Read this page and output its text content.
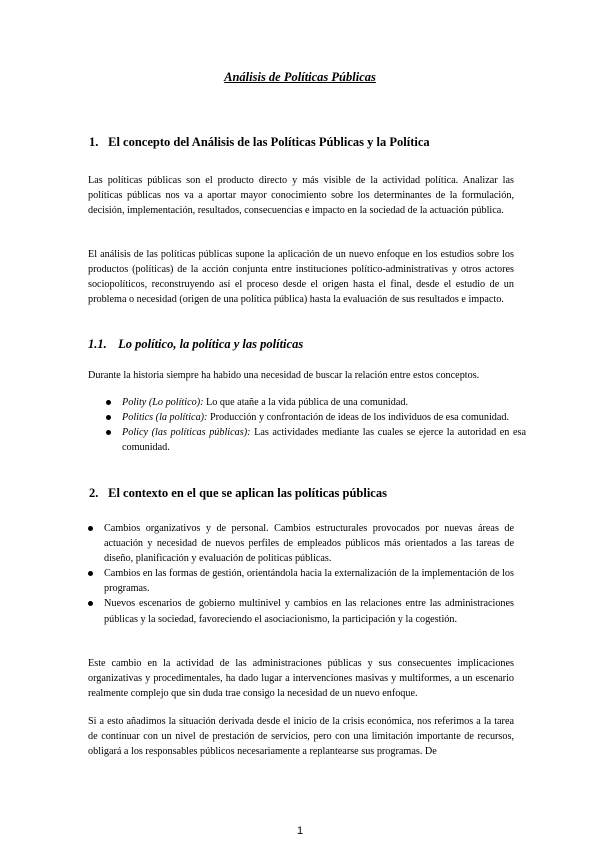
Análisis de Políticas Públicas
1. El concepto del Análisis de las Políticas Públicas y la Política

Las políticas públicas son el producto directo y más visible de la actividad política. Analizar las políticas públicas nos va a aportar mayor conocimiento sobre los determinantes de la formulación, decisión, implementación, resultados, consecuencias e impacto en la sociedad de la actuación pública.

El análisis de las políticas públicas supone la aplicación de un nuevo enfoque en los estudios sobre los productos (políticas) de la acción conjunta entre instituciones político-administrativas y otros actores sociopolíticos, reconstruyendo así el proceso desde el origen hasta el final, desde el estudio de un problema o necesidad (origen de una política pública) hasta la evaluación de sus resultados e impacto.

1.1. Lo político, la política y las políticas

Durante la historia siempre ha habido una necesidad de buscar la relación entre estos conceptos.

Polity (Lo político): Lo que atañe a la vida pública de una comunidad.
Politics (la política): Producción y confrontación de ideas de los individuos de esa comunidad.
Policy (las políticas públicas): Las actividades mediante las cuales se ejerce la autoridad en esa comunidad.
2. El contexto en el que se aplican las políticas públicas
Cambios organizativos y de personal. Cambios estructurales provocados por nuevas áreas de actuación y necesidad de nuevos perfiles de empleados públicos más orientados a las tareas de diseño, planificación y evaluación de políticas públicas.
Cambios en las formas de gestión, orientándola hacia la externalización de la implementación de los programas.
Nuevos escenarios de gobierno multinivel y cambios en las relaciones entre las administraciones públicas y la sociedad, favoreciendo el asociacionismo, la participación y la cogestión.

Este cambio en la actividad de las administraciones públicas y sus consecuentes implicaciones organizativas y procedimentales, ha dado lugar a intervenciones masivas y multiformes, a un escenario realmente complejo que sin duda trae consigo la necesidad de un nuevo enfoque.

Si a esto añadimos la situación derivada desde el inicio de la crisis económica, nos referimos a la tarea de continuar con un nivel de prestación de servicios, pero con una limitación importante de recursos, obligará a los responsables públicos necesariamente a replantearse sus programas. De

1
